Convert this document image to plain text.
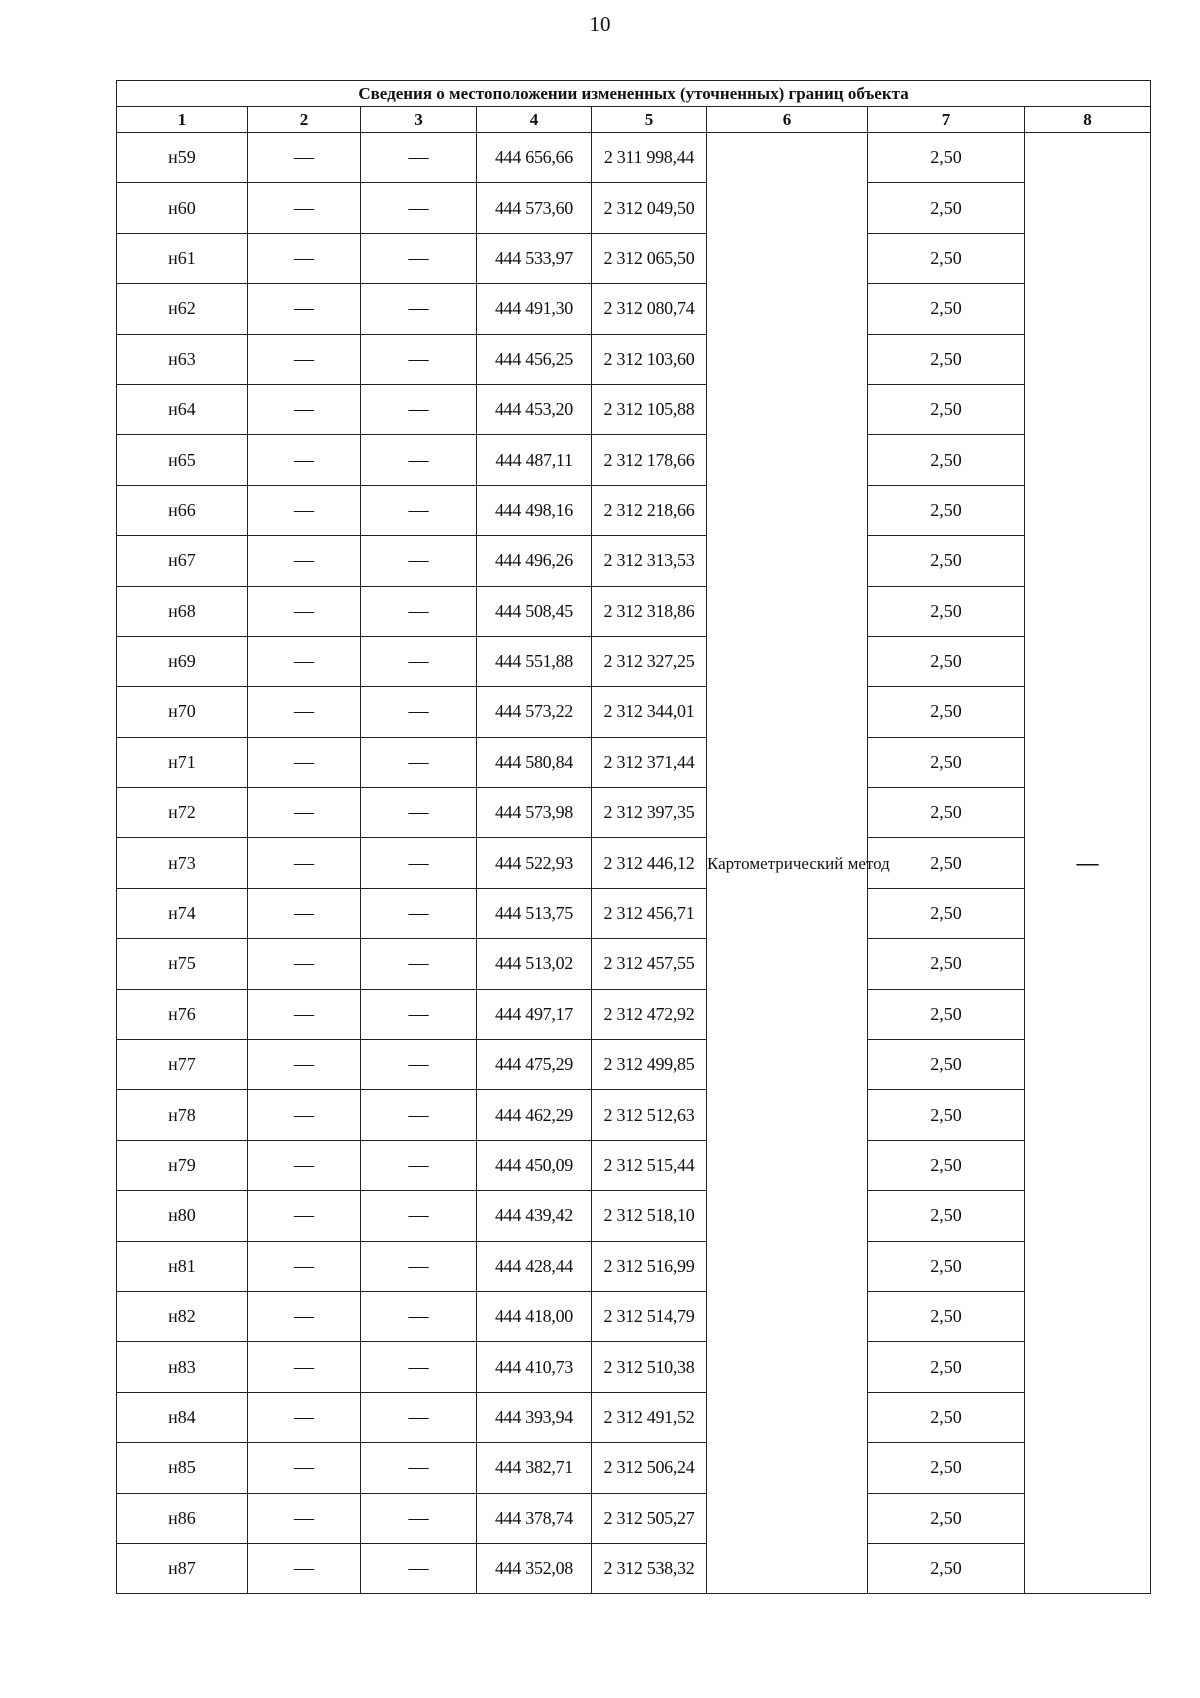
10
Сведения о местоположении измененных (уточненных) границ объекта							
1	2	3	4	5	6	7	8
н59	—	—	444 656,66	2 311 998,44	Картометрический метод	2,50	—
н60	—	—	444 573,60	2 312 049,50		2,50	
н61	—	—	444 533,97	2 312 065,50		2,50	
н62	—	—	444 491,30	2 312 080,74		2,50	
н63	—	—	444 456,25	2 312 103,60		2,50	
н64	—	—	444 453,20	2 312 105,88		2,50	
н65	—	—	444 487,11	2 312 178,66		2,50	
н66	—	—	444 498,16	2 312 218,66		2,50	
н67	—	—	444 496,26	2 312 313,53		2,50	
н68	—	—	444 508,45	2 312 318,86		2,50	
н69	—	—	444 551,88	2 312 327,25		2,50	
н70	—	—	444 573,22	2 312 344,01		2,50	
н71	—	—	444 580,84	2 312 371,44		2,50	
н72	—	—	444 573,98	2 312 397,35		2,50	
н73	—	—	444 522,93	2 312 446,12		2,50	
н74	—	—	444 513,75	2 312 456,71		2,50	
н75	—	—	444 513,02	2 312 457,55		2,50	
н76	—	—	444 497,17	2 312 472,92		2,50	
н77	—	—	444 475,29	2 312 499,85		2,50	
н78	—	—	444 462,29	2 312 512,63		2,50	
н79	—	—	444 450,09	2 312 515,44		2,50	
н80	—	—	444 439,42	2 312 518,10		2,50	
н81	—	—	444 428,44	2 312 516,99		2,50	
н82	—	—	444 418,00	2 312 514,79		2,50	
н83	—	—	444 410,73	2 312 510,38		2,50	
н84	—	—	444 393,94	2 312 491,52		2,50	
н85	—	—	444 382,71	2 312 506,24		2,50	
н86	—	—	444 378,74	2 312 505,27		2,50	
н87	—	—	444 352,08	2 312 538,32		2,50	
